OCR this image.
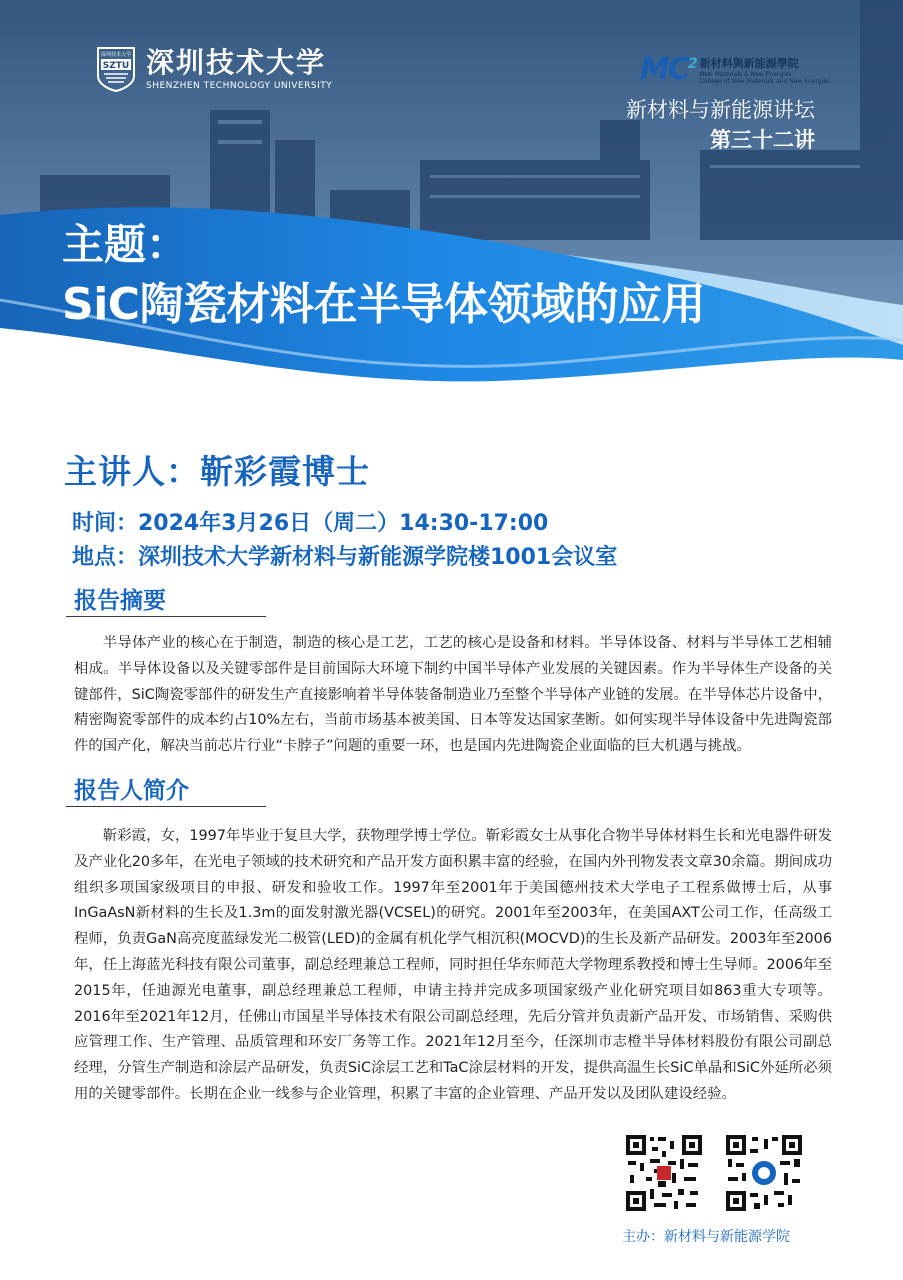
深圳技术大学
SZTU 深圳技术大学
SHENZHEN TECHNOLOGY UNIVERSITY	$MC^2$ 新材料與新能源學院
New Materials & New Energies
College of New Materials and New Energies
新材料与新能源讲坛
第三十二讲
主题：
SiC陶瓷材料在半导体领域的应用
主讲人：靳彩霞博士
时间：2024年3月26日（周二）14:30-17:00
地点：深圳技术大学新材料与新能源学院楼1001会议室
报告摘要

半导体产业的核心在于制造，制造的核心是工艺，工艺的核心是设备和材料。半导体设备、材料与半导体工艺相辅相成。半导体设备以及关键零部件是目前国际大环境下制约中国半导体产业发展的关键因素。作为半导体生产设备的关键部件，SiC陶瓷零部件的研发生产直接影响着半导体装备制造业乃至整个半导体产业链的发展。在半导体芯片设备中，精密陶瓷零部件的成本约占10%左右，当前市场基本被美国、日本等发达国家垄断。如何实现半导体设备中先进陶瓷部件的国产化，解决当前芯片行业“卡脖子”问题的重要一环，也是国内先进陶瓷企业面临的巨大机遇与挑战。

报告人简介

靳彩霞，女，1997年毕业于复旦大学，获物理学博士学位。靳彩霞女士从事化合物半导体材料生长和光电器件研发及产业化20多年，在光电子领域的技术研究和产品开发方面积累丰富的经验，在国内外刊物发表文章30余篇。期间成功组织多项国家级项目的申报、研发和验收工作。1997年至2001年于美国德州技术大学电子工程系做博士后，从事InGaAsN新材料的生长及1.3m的面发射激光器(VCSEL)的研究。2001年至2003年，在美国AXT公司工作，任高级工程师，负责GaN高亮度蓝绿发光二极管(LED)的金属有机化学气相沉积(MOCVD)的生长及新产品研发。2003年至2006年，任上海蓝光科技有限公司董事，副总经理兼总工程师，同时担任华东师范大学物理系教授和博士生导师。2006年至2015年，任迪源光电董事，副总经理兼总工程师，申请主持并完成多项国家级产业化研究项目如863重大专项等。2016年至2021年12月，任佛山市国星半导体技术有限公司副总经理，先后分管并负责新产品开发、市场销售、采购供应管理工作、生产管理、品质管理和环安厂务等工作。2021年12月至今，任深圳市志橙半导体材料股份有限公司副总经理，分管生产制造和涂层产品研发，负责SiC涂层工艺和TaC涂层材料的开发，提供高温生长SiC单晶和SiC外延所必须用的关键零部件。长期在企业一线参与企业管理，积累了丰富的企业管理、产品开发以及团队建设经验。

主办：新材料与新能源学院
